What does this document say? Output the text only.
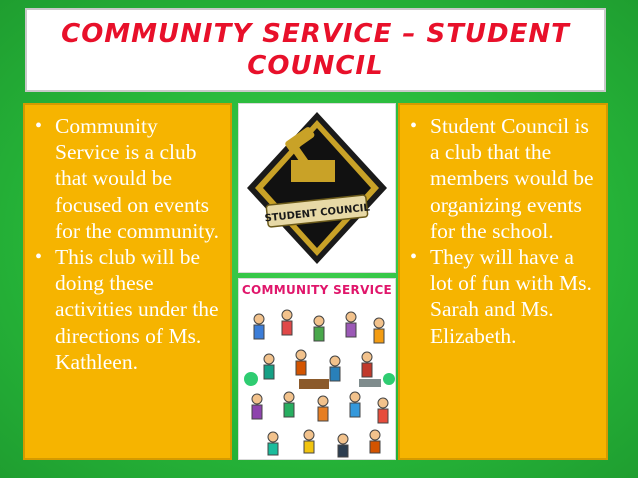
COMMUNITY SERVICE – STUDENT
COUNCIL
• Community Service is a club that would be focused on events for the community.
• This club will be doing these activities under the directions of Ms. Kathleen.
STUDENT COUNCIL
COMMUNITY SERVICE
• Student Council is a club that the members would be organizing events for the school.
• They will have a lot of fun with Ms. Sarah and Ms. Elizabeth.
